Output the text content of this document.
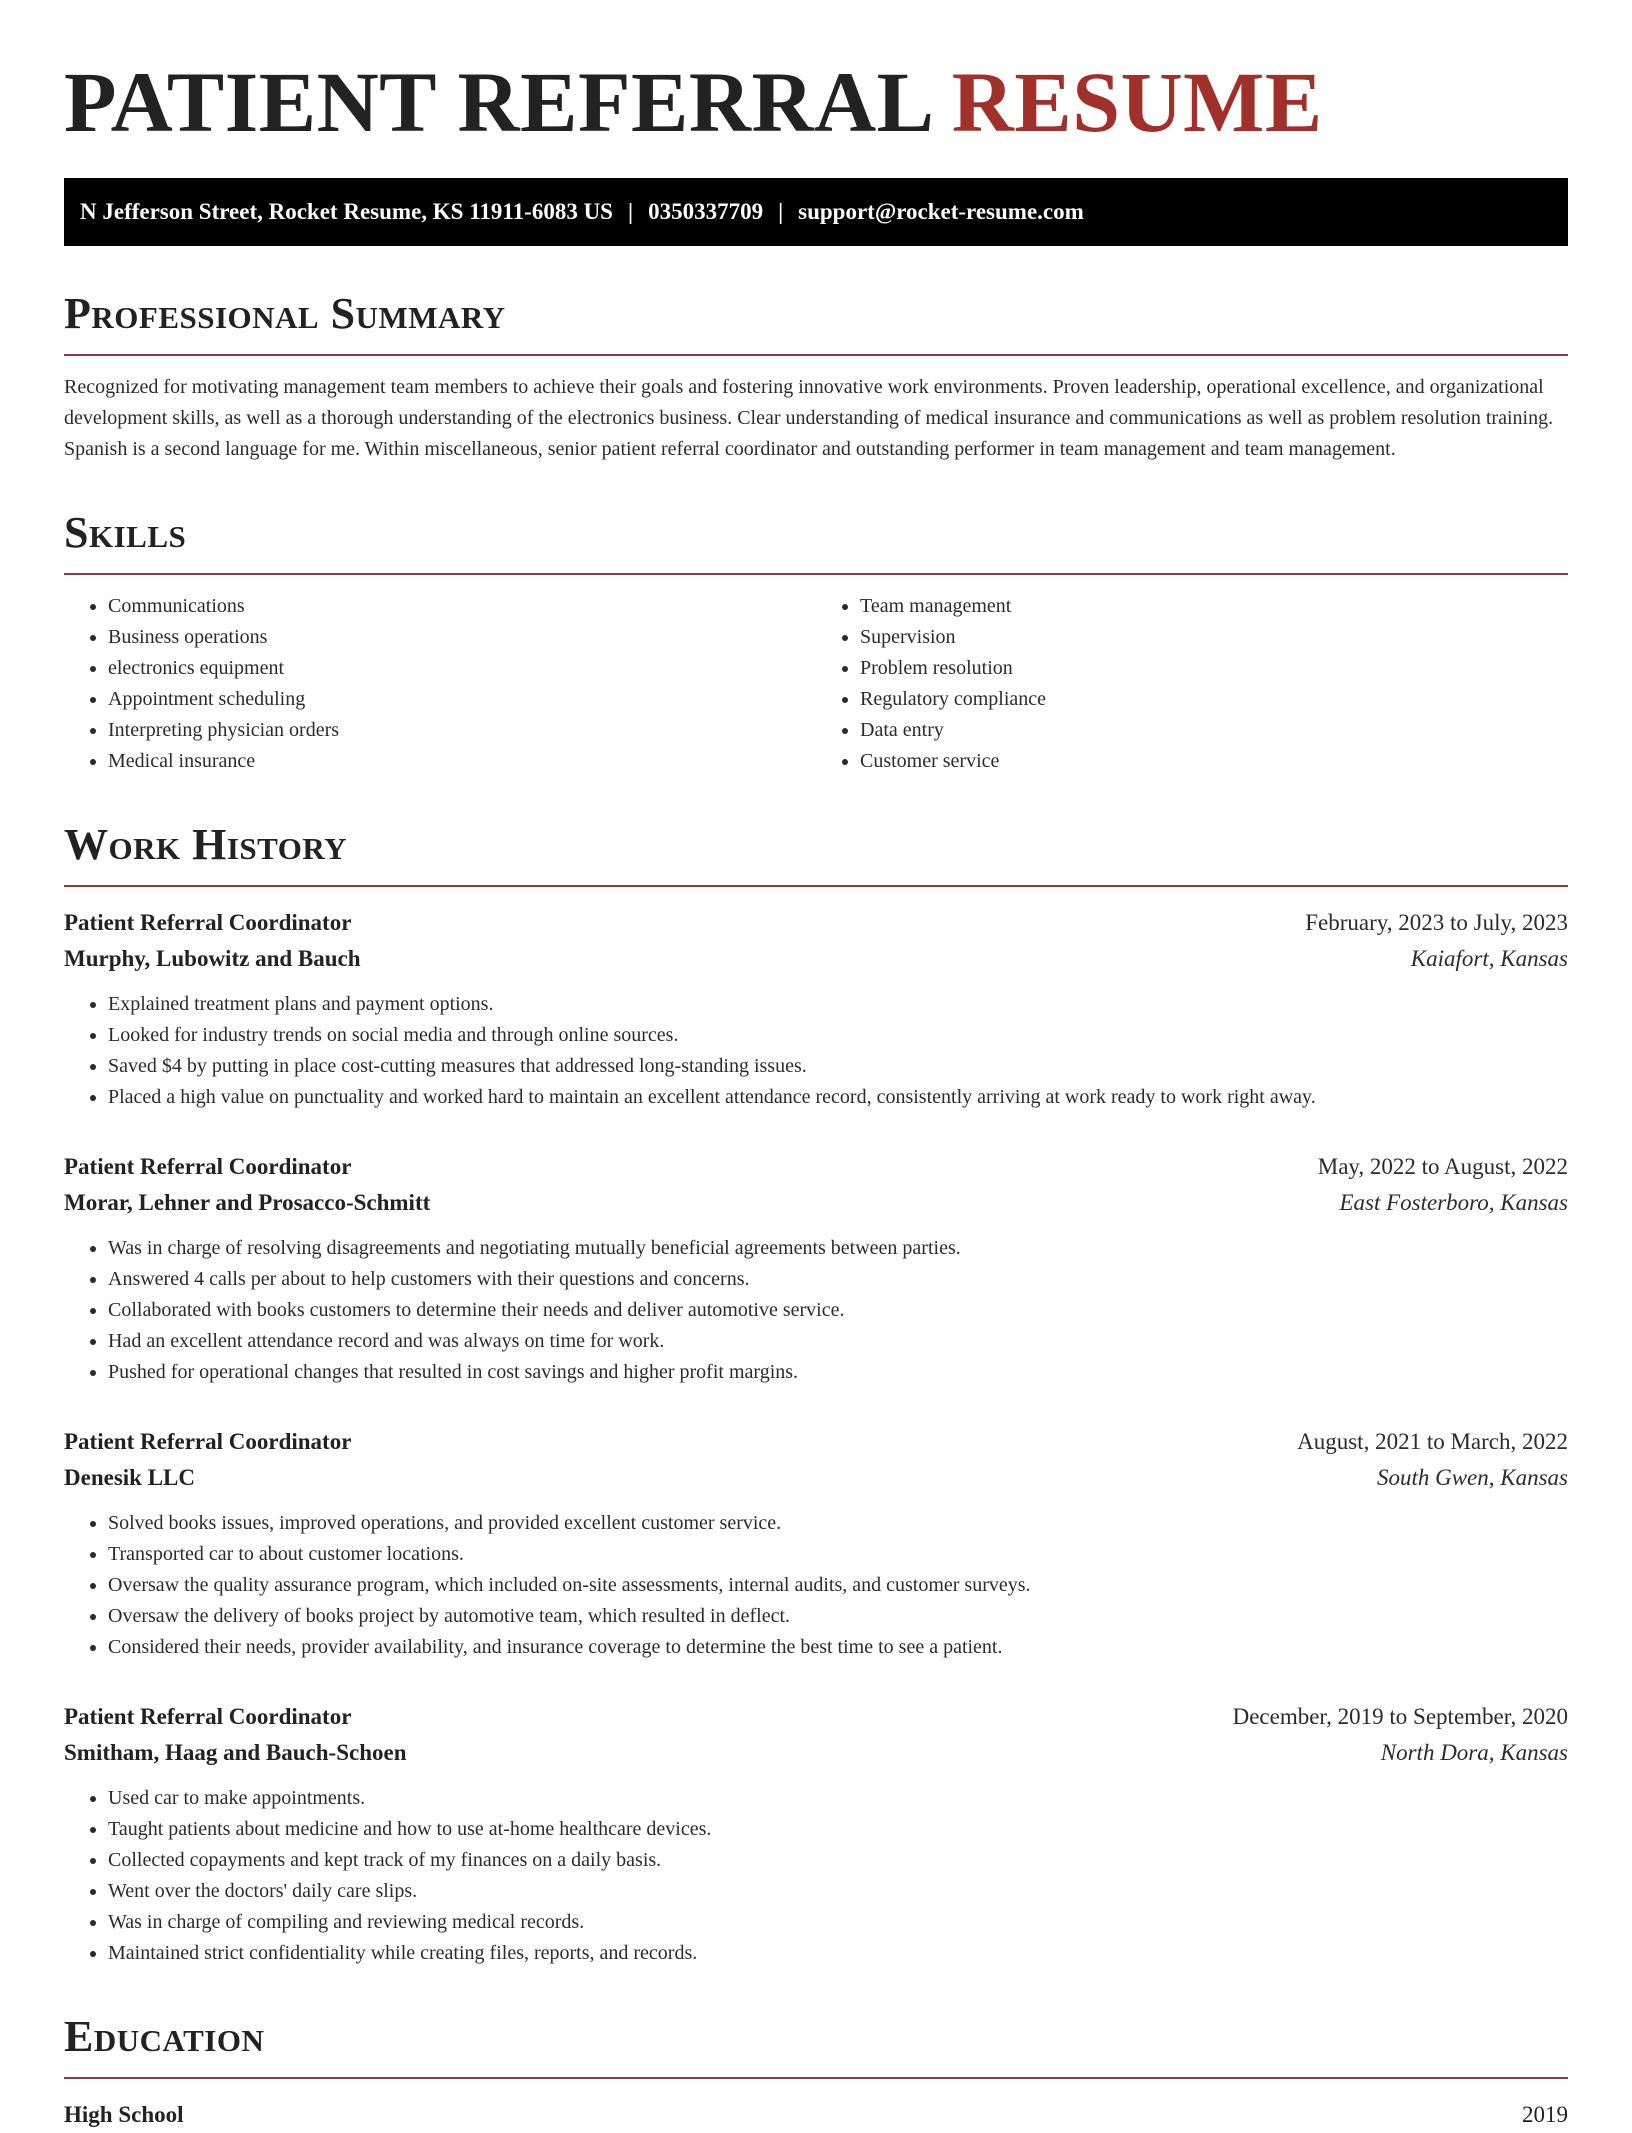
PATIENT REFERRAL RESUME
N Jefferson Street, Rocket Resume, KS 11911-6083 US | 0350337709 | support@rocket-resume.com
Professional Summary

Recognized for motivating management team members to achieve their goals and fostering innovative work environments. Proven leadership, operational excellence, and organizational development skills, as well as a thorough understanding of the electronics business. Clear understanding of medical insurance and communications as well as problem resolution training. Spanish is a second language for me. Within miscellaneous, senior patient referral coordinator and outstanding performer in team management and team management.

Skills
• Communications
• Business operations
• electronics equipment
• Appointment scheduling
• Interpreting physician orders
• Medical insurance
• Team management
• Supervision
• Problem resolution
• Regulatory compliance
• Data entry
• Customer service
Work History
Patient Referral Coordinator	February, 2023 to July, 2023
Murphy, Lubowitz and Bauch	Kaiafort, Kansas
• Explained treatment plans and payment options.
• Looked for industry trends on social media and through online sources.
• Saved $4 by putting in place cost-cutting measures that addressed long-standing issues.
• Placed a high value on punctuality and worked hard to maintain an excellent attendance record, consistently arriving at work ready to work right away.
Patient Referral Coordinator	May, 2022 to August, 2022
Morar, Lehner and Prosacco-Schmitt	East Fosterboro, Kansas
• Was in charge of resolving disagreements and negotiating mutually beneficial agreements between parties.
• Answered 4 calls per about to help customers with their questions and concerns.
• Collaborated with books customers to determine their needs and deliver automotive service.
• Had an excellent attendance record and was always on time for work.
• Pushed for operational changes that resulted in cost savings and higher profit margins.
Patient Referral Coordinator	August, 2021 to March, 2022
Denesik LLC	South Gwen, Kansas
• Solved books issues, improved operations, and provided excellent customer service.
• Transported car to about customer locations.
• Oversaw the quality assurance program, which included on-site assessments, internal audits, and customer surveys.
• Oversaw the delivery of books project by automotive team, which resulted in deflect.
• Considered their needs, provider availability, and insurance coverage to determine the best time to see a patient.
Patient Referral Coordinator	December, 2019 to September, 2020
Smitham, Haag and Bauch-Schoen	North Dora, Kansas
• Used car to make appointments.
• Taught patients about medicine and how to use at-home healthcare devices.
• Collected copayments and kept track of my finances on a daily basis.
• Went over the doctors' daily care slips.
• Was in charge of compiling and reviewing medical records.
• Maintained strict confidentiality while creating files, reports, and records.
Education
High School	2019
